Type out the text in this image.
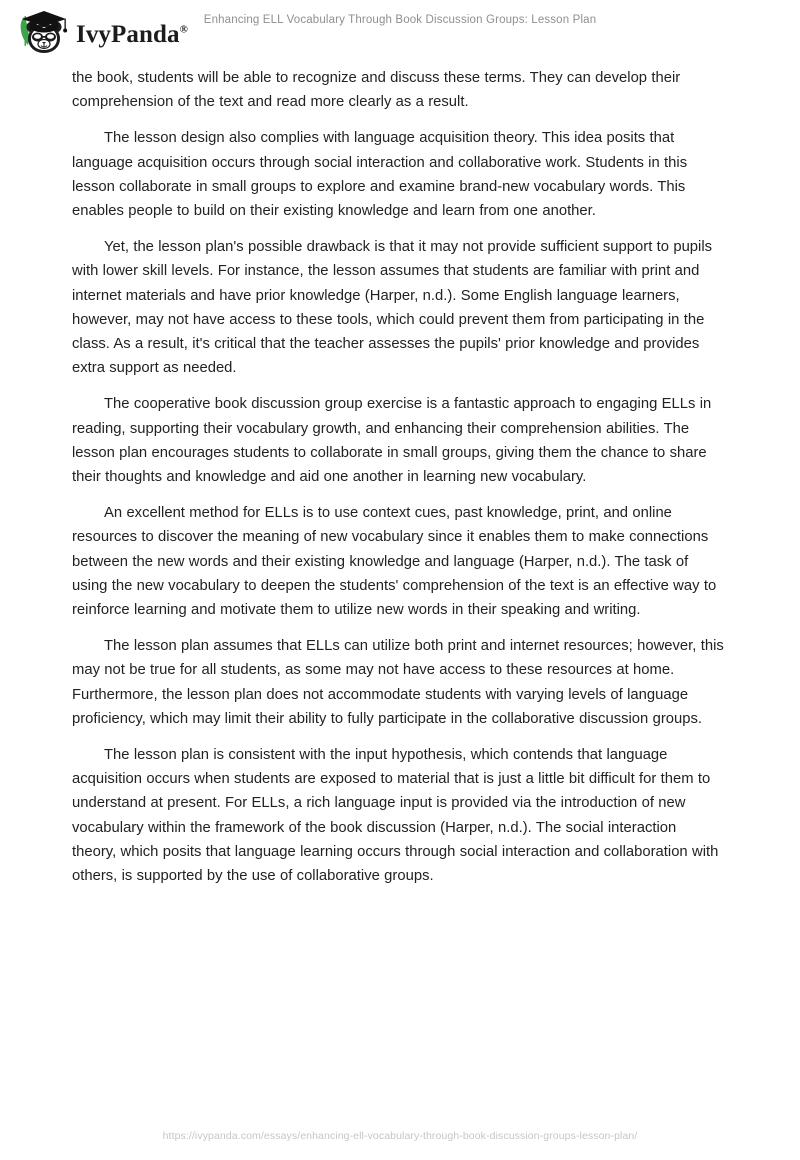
IvyPanda®
Enhancing ELL Vocabulary Through Book Discussion Groups: Lesson Plan

the book, students will be able to recognize and discuss these terms. They can develop their comprehension of the text and read more clearly as a result.

The lesson design also complies with language acquisition theory. This idea posits that language acquisition occurs through social interaction and collaborative work. Students in this lesson collaborate in small groups to explore and examine brand-new vocabulary words. This enables people to build on their existing knowledge and learn from one another.

Yet, the lesson plan's possible drawback is that it may not provide sufficient support to pupils with lower skill levels. For instance, the lesson assumes that students are familiar with print and internet materials and have prior knowledge (Harper, n.d.). Some English language learners, however, may not have access to these tools, which could prevent them from participating in the class. As a result, it's critical that the teacher assesses the pupils' prior knowledge and provides extra support as needed.

The cooperative book discussion group exercise is a fantastic approach to engaging ELLs in reading, supporting their vocabulary growth, and enhancing their comprehension abilities. The lesson plan encourages students to collaborate in small groups, giving them the chance to share their thoughts and knowledge and aid one another in learning new vocabulary.

An excellent method for ELLs is to use context cues, past knowledge, print, and online resources to discover the meaning of new vocabulary since it enables them to make connections between the new words and their existing knowledge and language (Harper, n.d.). The task of using the new vocabulary to deepen the students' comprehension of the text is an effective way to reinforce learning and motivate them to utilize new words in their speaking and writing.

The lesson plan assumes that ELLs can utilize both print and internet resources; however, this may not be true for all students, as some may not have access to these resources at home. Furthermore, the lesson plan does not accommodate students with varying levels of language proficiency, which may limit their ability to fully participate in the collaborative discussion groups.

The lesson plan is consistent with the input hypothesis, which contends that language acquisition occurs when students are exposed to material that is just a little bit difficult for them to understand at present. For ELLs, a rich language input is provided via the introduction of new vocabulary within the framework of the book discussion (Harper, n.d.). The social interaction theory, which posits that language learning occurs through social interaction and collaboration with others, is supported by the use of collaborative groups.

https://ivypanda.com/essays/enhancing-ell-vocabulary-through-book-discussion-groups-lesson-plan/
